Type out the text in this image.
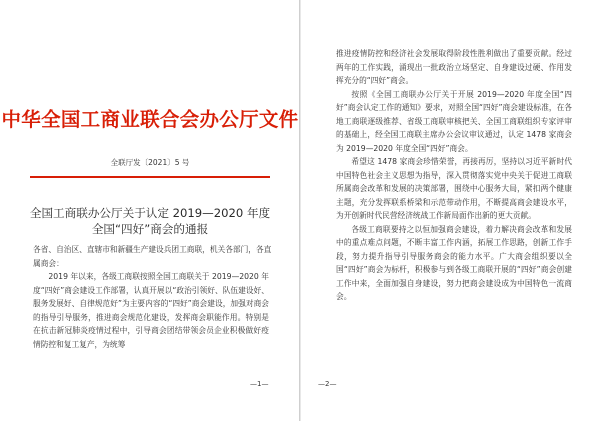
中华全国工商业联合会办公厅文件
全联厅发〔2021〕5 号
全国工商联办公厅关于认定 2019—2020 年度
全国“四好”商会的通报
各省、自治区、直辖市和新疆生产建设兵团工商联，机关各部门，各直属商会：

2019 年以来，各级工商联按照全国工商联关于 2019—2020 年度“四好”商会建设工作部署，认真开展以“政治引领好、队伍建设好、服务发展好、自律规范好”为主要内容的“四好”商会建设，加强对商会的指导引导服务，推进商会规范化建设，发挥商会职能作用。特别是在抗击新冠肺炎疫情过程中，引导商会团结带领会员企业积极做好疫情防控和复工复产，为统筹

—1—

推进疫情防控和经济社会发展取得阶段性胜利做出了重要贡献。经过两年的工作实践，涌现出一批政治立场坚定、自身建设过硬、作用发挥充分的“四好”商会。

按照《全国工商联办公厅关于开展 2019—2020 年度全国“四好”商会认定工作的通知》要求，对照全国“四好”商会建设标准，在各地工商联逐级推荐、省级工商联审核把关、全国工商联组织专家评审的基础上，经全国工商联主席办公会议审议通过，认定 1478 家商会为 2019—2020 年度全国“四好”商会。

希望这 1478 家商会珍惜荣誉，再接再厉，坚持以习近平新时代中国特色社会主义思想为指导，深入贯彻落实党中央关于促进工商联所属商会改革和发展的决策部署，围绕中心服务大局，紧扣两个健康主题，充分发挥联系桥梁和示范带动作用，不断提高商会建设水平，为开创新时代民营经济统战工作新局面作出新的更大贡献。

各级工商联要持之以恒加强商会建设，着力解决商会改革和发展中的重点难点问题，不断丰富工作内涵，拓展工作思路，创新工作手段，努力提升指导引导服务商会的能力水平。广大商会组织要以全国“四好”商会为标杆，积极参与到各级工商联开展的“四好”商会创建工作中来，全面加强自身建设，努力把商会建设成为中国特色一流商会。

—2—
